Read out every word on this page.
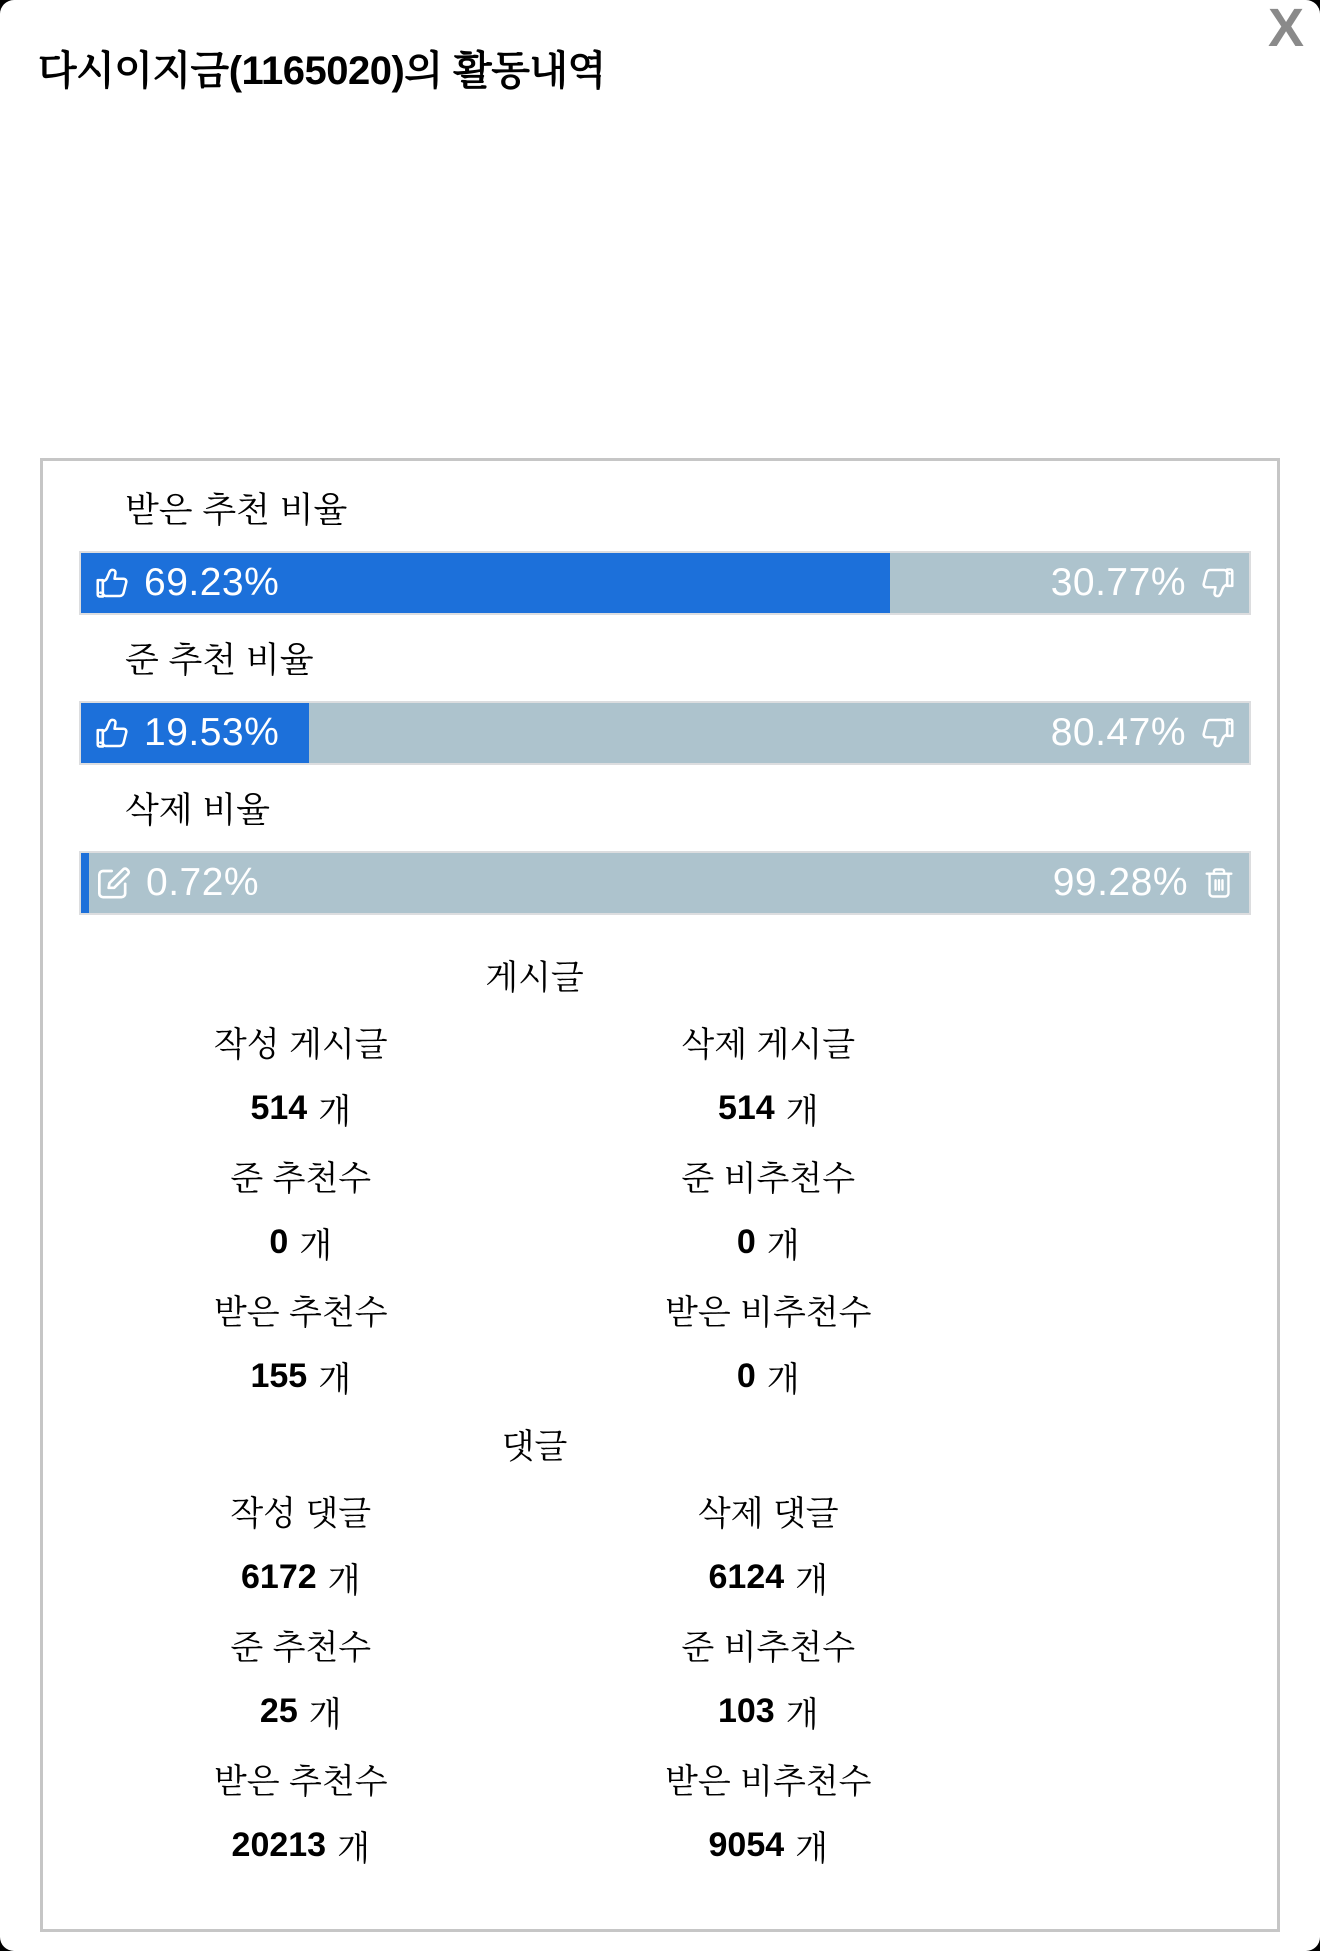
X
다시이지금(1165020)의 활동내역
받은 추천 비율
69.23%	30.77%
준 추천 비율
19.53%	80.47%
삭제 비율
0.72%	99.28%
게시글
작성 게시글	삭제 게시글
514 개	514 개
준 추천수	준 비추천수
0 개	0 개
받은 추천수	받은 비추천수
155 개	0 개
댓글
작성 댓글	삭제 댓글
6172 개	6124 개
준 추천수	준 비추천수
25 개	103 개
받은 추천수	받은 비추천수
20213 개	9054 개
